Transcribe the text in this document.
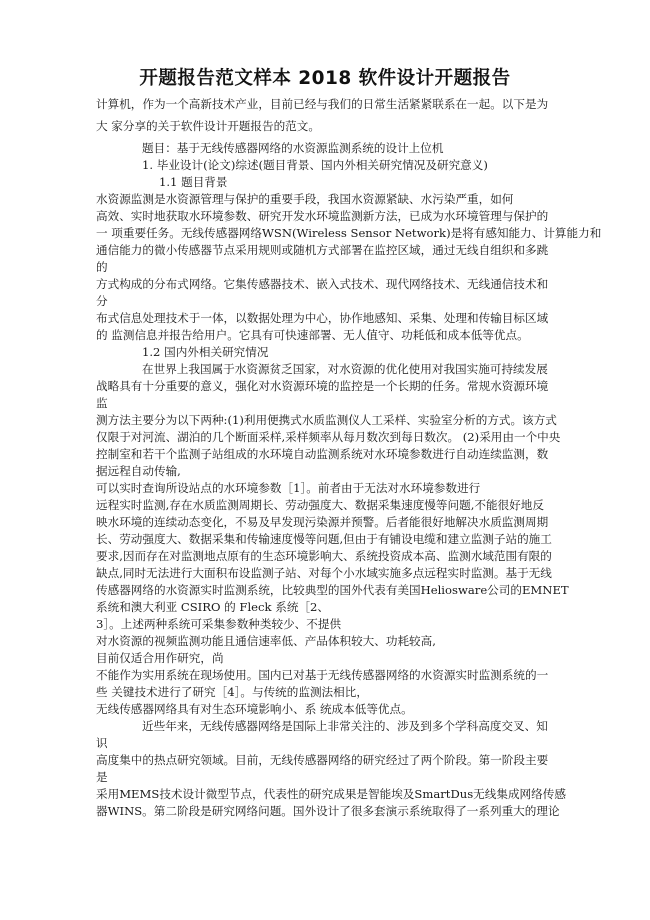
开题报告范文样本 2018 软件设计开题报告
计算机，作为一个高新技术产业，目前已经与我们的日常生活紧紧联系在一起。以下是为
大 家分享的关于软件设计开题报告的范文。
题目：基于无线传感器网络的水资源监测系统的设计上位机
1. 毕业设计(论文)综述(题目背景、国内外相关研究情况及研究意义)
1.1 题目背景
水资源监测是水资源管理与保护的重要手段，我国水资源紧缺、水污染严重，如何
高效、实时地获取水环境参数、研究开发水环境监测新方法，已成为水环境管理与保护的
一 项重要任务。无线传感器网络WSN(Wireless Sensor Network)是将有感知能力、计算能力和
通信能力的微小传感器节点采用规则或随机方式部署在监控区域，通过无线自组织和多跳
的
方式构成的分布式网络。它集传感器技术、嵌入式技术、现代网络技术、无线通信技术和
分
布式信息处理技术于一体，以数据处理为中心，协作地感知、采集、处理和传输目标区域
的 监测信息并报告给用户。它具有可快速部署、无人值守、功耗低和成本低等优点。
1.2 国内外相关研究情况
在世界上我国属于水资源贫乏国家，对水资源的优化使用对我国实施可持续发展
战略具有十分重要的意义，强化对水资源环境的监控是一个长期的任务。常规水资源环境
监
测方法主要分为以下两种:(1)利用便携式水质监测仪人工采样、实验室分析的方式。该方式
仅限于对河流、湖泊的几个断面采样,采样频率从每月数次到每日数次。 (2)采用由一个中央
控制室和若干个监测子站组成的水环境自动监测系统对水环境参数进行自动连续监测，数
据远程自动传输,
可以实时查询所设站点的水环境参数［1］。前者由于无法对水环境参数进行
远程实时监测,存在水质监测周期长、劳动强度大、数据采集速度慢等问题,不能很好地反
映水环境的连续动态变化，不易及早发现污染源并预警。后者能很好地解决水质监测周期
长、劳动强度大、数据采集和传输速度慢等问题,但由于有铺设电缆和建立监测子站的施工
要求,因而存在对监测地点原有的生态环境影响大、系统投资成本高、监测水域范围有限的
缺点,同时无法进行大面积布设监测子站、对每个小水域实施多点远程实时监测。基于无线
传感器网络的水资源实时监测系统，比较典型的国外代表有美国Heliosware公司的EMNET
系统和澳大利亚 CSIRO 的 Fleck 系统［2、
3］。上述两种系统可采集参数种类较少、不提供
对水资源的视频监测功能且通信速率低、产品体积较大、功耗较高,
目前仅适合用作研究，尚
不能作为实用系统在现场使用。国内已对基于无线传感器网络的水资源实时监测系统的一
些 关键技术进行了研究［4］。与传统的监测法相比，
无线传感器网络具有对生态环境影响小、系 统成本低等优点。
近些年来，无线传感器网络是国际上非常关注的、涉及到多个学科高度交叉、知
识
高度集中的热点研究领域。目前，无线传感器网络的研究经过了两个阶段。第一阶段主要
是
采用MEMS技术设计微型节点，代表性的研究成果是智能埃及SmartDus无线集成网络传感
器WINS。第二阶段是研究网络问题。国外设计了很多套演示系统取得了一系列重大的理论
